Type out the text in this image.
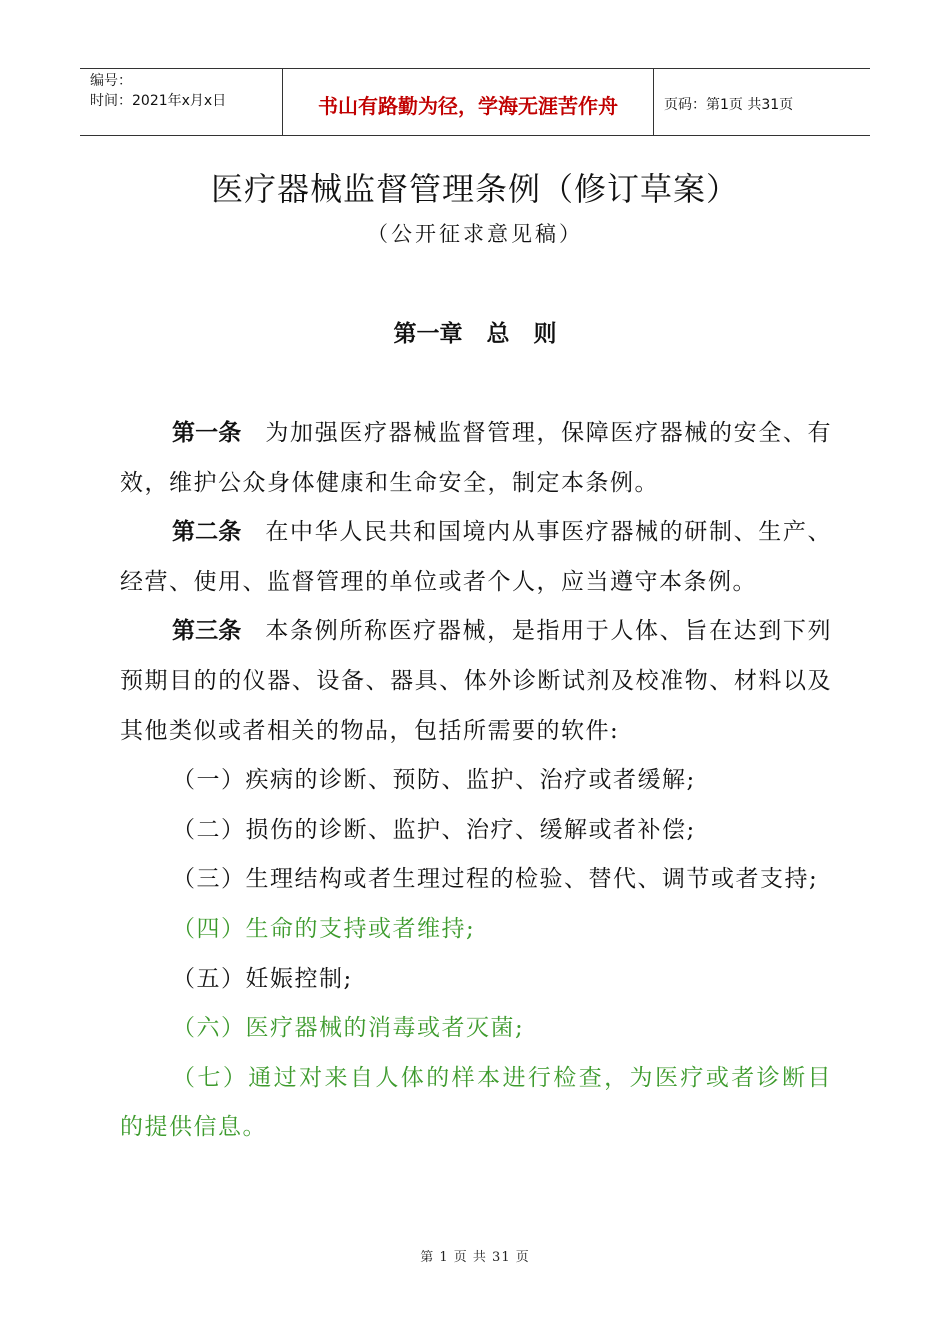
编号：
时间：2021年x月x日	书山有路勤为径，学海无涯苦作舟	页码：第1页 共31页
医疗器械监督管理条例（修订草案）
（公开征求意见稿）
第一章   总   则

第一条 为加强医疗器械监督管理，保障医疗器械的安全、有效，维护公众身体健康和生命安全，制定本条例。

第二条 在中华人民共和国境内从事医疗器械的研制、生产、经营、使用、监督管理的单位或者个人，应当遵守本条例。

第三条 本条例所称医疗器械，是指用于人体、旨在达到下列预期目的的仪器、设备、器具、体外诊断试剂及校准物、材料以及其他类似或者相关的物品，包括所需要的软件:

（一）疾病的诊断、预防、监护、治疗或者缓解;

（二）损伤的诊断、监护、治疗、缓解或者补偿;

（三）生理结构或者生理过程的检验、替代、调节或者支持;

（四）生命的支持或者维持;

（五）妊娠控制;

（六）医疗器械的消毒或者灭菌;

（七）通过对来自人体的样本进行检查，为医疗或者诊断目的提供信息。

第 1 页 共 31 页
